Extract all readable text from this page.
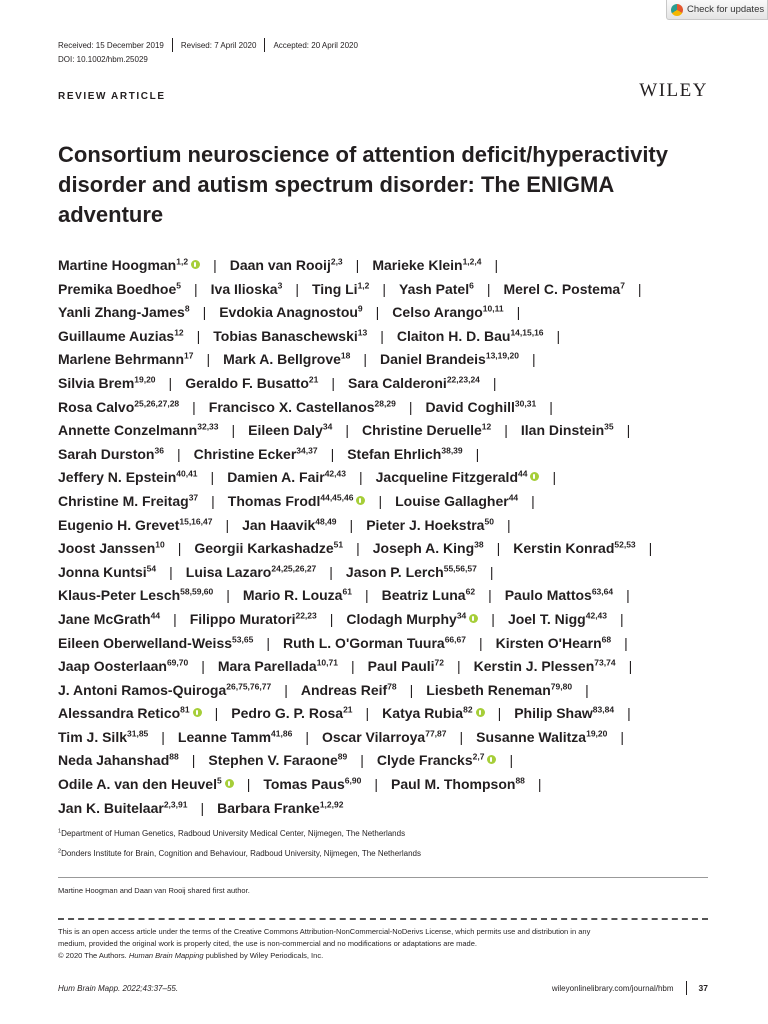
Check for updates
Received: 15 December 2019 Revised: 7 April 2020 Accepted: 20 April 2020
DOI: 10.1002/hbm.25029
REVIEW ARTICLE	WILEY
Consortium neuroscience of attention deficit/hyperactivity disorder and autism spectrum disorder: The ENIGMA adventure
Martine Hoogman$^{1,2}$ | Daan van Rooij$^{2,3}$ | Marieke Klein$^{1,2,4}$ |
Premika Boedhoe$^5$ | Iva Ilioska$^3$ | Ting Li$^{1,2}$ | Yash Patel$^6$ | Merel C. Postema$^7$ |
Yanli Zhang-James$^8$ | Evdokia Anagnostou$^9$ | Celso Arango$^{10,11}$ |
Guillaume Auzias$^{12}$ | Tobias Banaschewski$^{13}$ | Claiton H. D. Bau$^{14,15,16}$ |
Marlene Behrmann$^{17}$ | Mark A. Bellgrove$^{18}$ | Daniel Brandeis$^{13,19,20}$ |
Silvia Brem$^{19,20}$ | Geraldo F. Busatto$^{21}$ | Sara Calderoni$^{22,23,24}$ |
Rosa Calvo$^{25,26,27,28}$ | Francisco X. Castellanos$^{28,29}$ | David Coghill$^{30,31}$ |
Annette Conzelmann$^{32,33}$ | Eileen Daly$^{34}$ | Christine Deruelle$^{12}$ | Ilan Dinstein$^{35}$ |
Sarah Durston$^{36}$ | Christine Ecker$^{34,37}$ | Stefan Ehrlich$^{38,39}$ |
Jeffery N. Epstein$^{40,41}$ | Damien A. Fair$^{42,43}$ | Jacqueline Fitzgerald$^{44}$ |
Christine M. Freitag$^{37}$ | Thomas Frodl$^{44,45,46}$ | Louise Gallagher$^{44}$ |
Eugenio H. Grevet$^{15,16,47}$ | Jan Haavik$^{48,49}$ | Pieter J. Hoekstra$^{50}$ |
Joost Janssen$^{10}$ | Georgii Karkashadze$^{51}$ | Joseph A. King$^{38}$ | Kerstin Konrad$^{52,53}$ |
Jonna Kuntsi$^{54}$ | Luisa Lazaro$^{24,25,26,27}$ | Jason P. Lerch$^{55,56,57}$ |
Klaus-Peter Lesch$^{58,59,60}$ | Mario R. Louza$^{61}$ | Beatriz Luna$^{62}$ | Paulo Mattos$^{63,64}$ |
Jane McGrath$^{44}$ | Filippo Muratori$^{22,23}$ | Clodagh Murphy$^{34}$ | Joel T. Nigg$^{42,43}$ |
Eileen Oberwelland-Weiss$^{53,65}$ | Ruth L. O'Gorman Tuura$^{66,67}$ | Kirsten O'Hearn$^{68}$ |
Jaap Oosterlaan$^{69,70}$ | Mara Parellada$^{10,71}$ | Paul Pauli$^{72}$ | Kerstin J. Plessen$^{73,74}$ |
J. Antoni Ramos-Quiroga$^{26,75,76,77}$ | Andreas Reif$^{78}$ | Liesbeth Reneman$^{79,80}$ |
Alessandra Retico$^{81}$ | Pedro G. P. Rosa$^{21}$ | Katya Rubia$^{82}$ | Philip Shaw$^{83,84}$ |
Tim J. Silk$^{31,85}$ | Leanne Tamm$^{41,86}$ | Oscar Vilarroya$^{77,87}$ | Susanne Walitza$^{19,20}$ |
Neda Jahanshad$^{88}$ | Stephen V. Faraone$^{89}$ | Clyde Francks$^{2,7}$ |
Odile A. van den Heuvel$^5$ | Tomas Paus$^{6,90}$ | Paul M. Thompson$^{88}$ |
Jan K. Buitelaar$^{2,3,91}$ | Barbara Franke$^{1,2,92}$
$^1$Department of Human Genetics, Radboud University Medical Center, Nijmegen, The Netherlands
$^2$Donders Institute for Brain, Cognition and Behaviour, Radboud University, Nijmegen, The Netherlands
Martine Hoogman and Daan van Rooij shared first author.
This is an open access article under the terms of the Creative Commons Attribution-NonCommercial-NoDerivs License, which permits use and distribution in any
medium, provided the original work is properly cited, the use is non-commercial and no modifications or adaptations are made.
© 2020 The Authors. Human Brain Mapping published by Wiley Periodicals, Inc.
Hum Brain Mapp. 2022;43:37–55.	wileyonlinelibrary.com/journal/hbm	37
